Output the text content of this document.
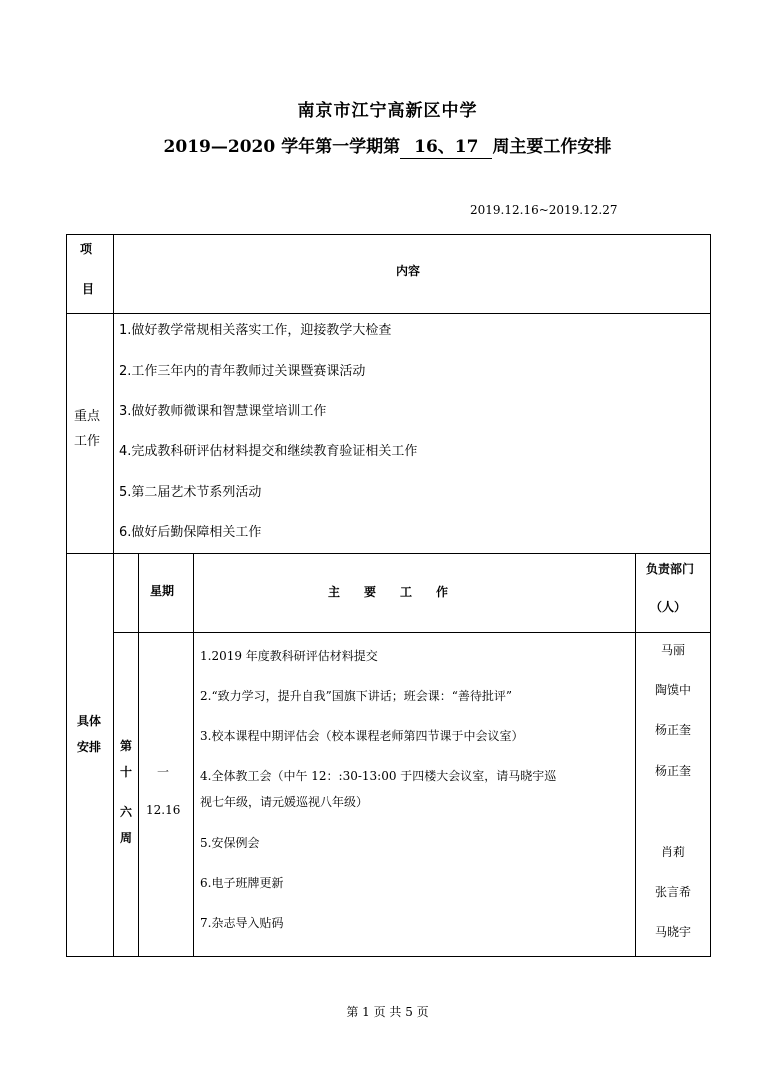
南京市江宁高新区中学
2019—2020 学年第一学期第 16、17 周主要工作安排
2019.12.16~2019.12.27
项
目
内容
重点
工作
1.做好教学常规相关落实工作，迎接教学大检查
2.工作三年内的青年教师过关课暨赛课活动
3.做好教师微课和智慧课堂培训工作
4.完成教科研评估材料提交和继续教育验证相关工作
5.第二届艺术节系列活动
6.做好后勤保障相关工作
具体
安排
星期	主　　要　　工　　作
负责部门
（人）
第
十
六
周
一
12.16
1.2019 年度教科研评估材料提交
2.“致力学习，提升自我”国旗下讲话；班会课：“善待批评”
3.校本课程中期评估会（校本课程老师第四节课于中会议室）
4.全体教工会（中午 12：:30-13:00 于四楼大会议室，请马晓宇巡
视七年级，请元媛巡视八年级）
5.安保例会
6.电子班牌更新
7.杂志导入贴码
马丽
陶馍中
杨正奎
杨正奎
肖莉
张言希
马晓宇
第 1 页 共 5 页
